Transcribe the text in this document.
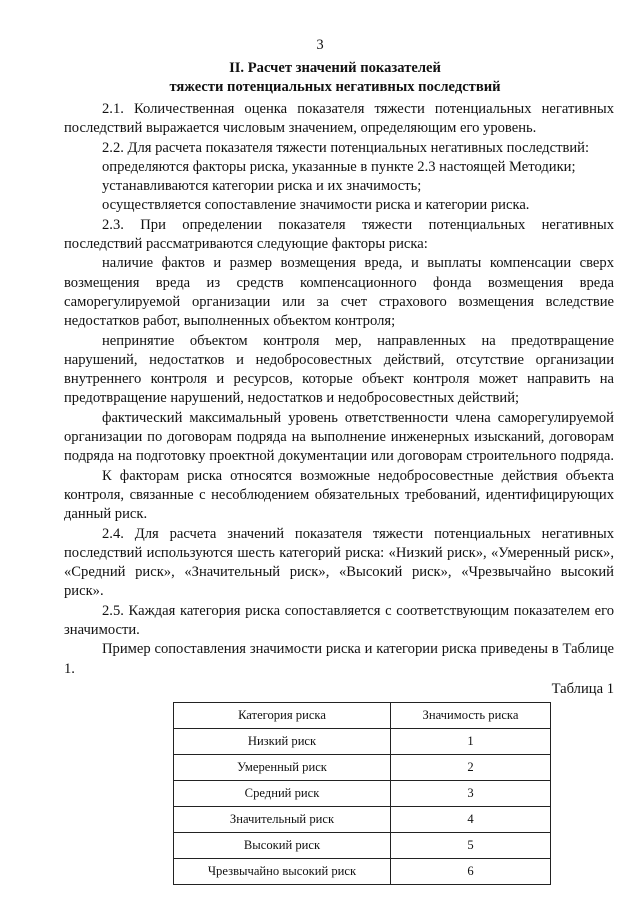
3
II. Расчет значений показателей
тяжести потенциальных негативных последствий

2.1. Количественная оценка показателя тяжести потенциальных негативных последствий выражается числовым значением, определяющим его уровень.

2.2. Для расчета показателя тяжести потенциальных негативных последствий:

определяются факторы риска, указанные в пункте 2.3 настоящей Методики;

устанавливаются категории риска и их значимость;

осуществляется сопоставление значимости риска и категории риска.

2.3. При определении показателя тяжести потенциальных негативных последствий рассматриваются следующие факторы риска:

наличие фактов и размер возмещения вреда, и выплаты компенсации сверх возмещения вреда из средств компенсационного фонда возмещения вреда саморегулируемой организации или за счет страхового возмещения вследствие недостатков работ, выполненных объектом контроля;

непринятие объектом контроля мер, направленных на предотвращение нарушений, недостатков и недобросовестных действий, отсутствие организации внутреннего контроля и ресурсов, которые объект контроля может направить на предотвращение нарушений, недостатков и недобросовестных действий;

фактический максимальный уровень ответственности члена саморегулируемой организации по договорам подряда на выполнение инженерных изысканий, договорам подряда на подготовку проектной документации или договорам строительного подряда.

К факторам риска относятся возможные недобросовестные действия объекта контроля, связанные с несоблюдением обязательных требований, идентифицирующих данный риск.

2.4. Для расчета значений показателя тяжести потенциальных негативных последствий используются шесть категорий риска: «Низкий риск», «Умеренный риск», «Средний риск», «Значительный риск», «Высокий риск», «Чрезвычайно высокий риск».

2.5. Каждая категория риска сопоставляется с соответствующим показателем его значимости.

Пример сопоставления значимости риска и категории риска приведены в Таблице 1.

Таблица 1
Категория риска	Значимость риска
Низкий риск	1
Умеренный риск	2
Средний риск	3
Значительный риск	4
Высокий риск	5
Чрезвычайно высокий риск	6
